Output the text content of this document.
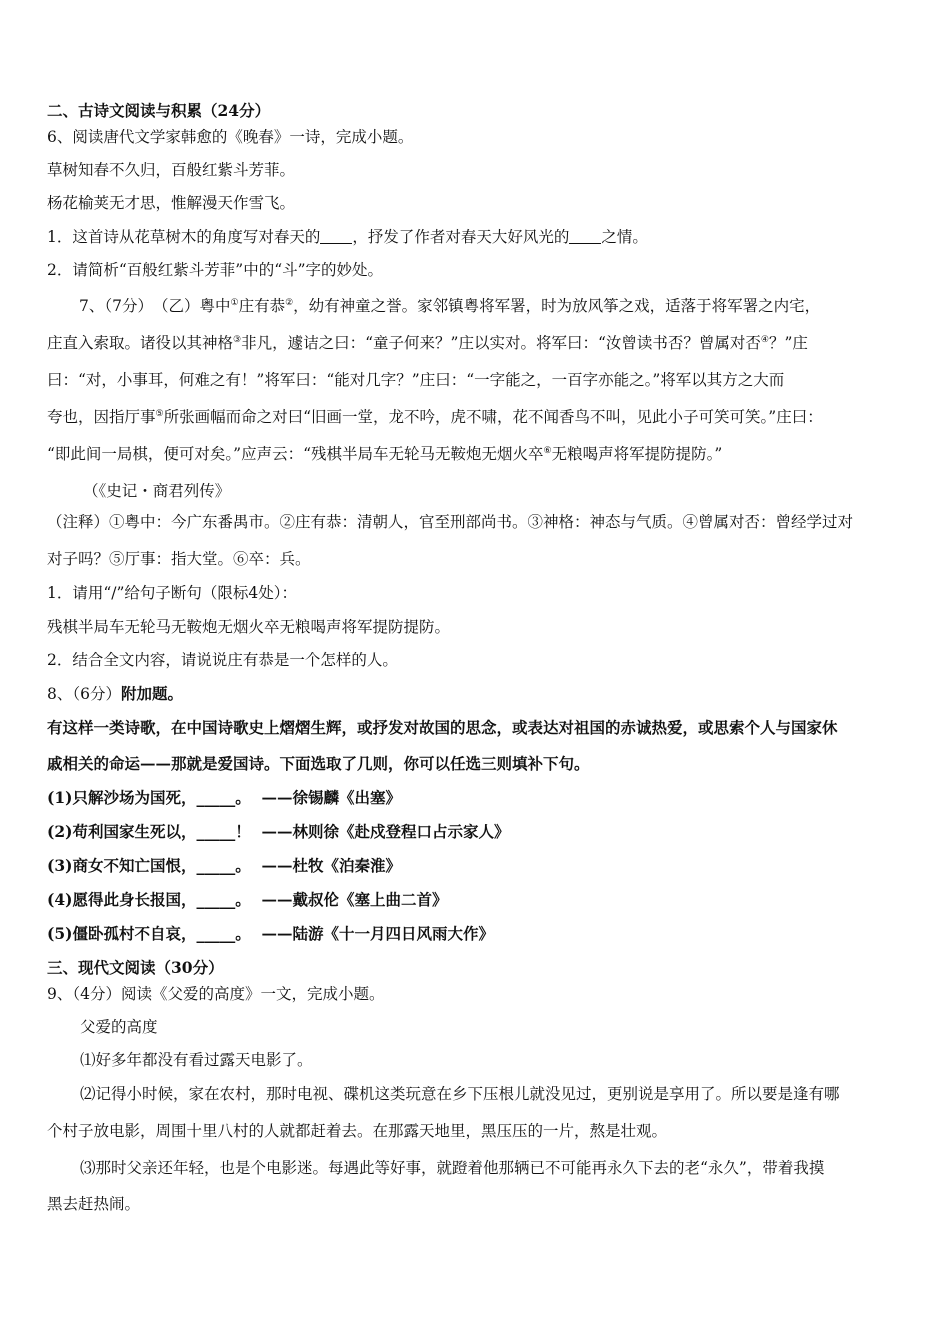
二、古诗文阅读与积累（24分）
6、阅读唐代文学家韩愈的《晚春》一诗，完成小题。
草树知春不久归，百般红紫斗芳菲。
杨花榆荚无才思，惟解漫天作雪飞。
1．这首诗从花草树木的角度写对春天的 ，抒发了作者对春天大好风光的 之情。
2．请简析“百般红紫斗芳菲”中的“斗”字的妙处。
7、（7分）　（乙）粤中①庄有恭②，幼有神童之誉。家邻镇粤将军署，时为放风筝之戏，适落于将军署之内宅，
庄直入索取。诸役以其神格③非凡，遽诘之曰：“童子何来？”庄以实对。将军曰：“汝曾读书否？曾属对否④？”庄
曰：“对，小事耳，何难之有！”将军曰：“能对几字？”庄曰：“一字能之，一百字亦能之。”将军以其方之大而
夸也，因指厅事⑤所张画幅而命之对曰“旧画一堂，龙不吟，虎不啸，花不闻香鸟不叫，见此小子可笑可笑。”庄曰：
“即此间一局棋，便可对矣。”应声云：“残棋半局车无轮马无鞍炮无烟火卒⑥无粮喝声将军提防提防。”
（《史记・商君列传》
（注释）①粤中：今广东番禺市。②庄有恭：清朝人，官至刑部尚书。③神格：神态与气质。④曾属对否：曾经学过对
对子吗？⑤厅事：指大堂。⑥卒：兵。
1．请用“/”给句子断句（限标4处）：
残棋半局车无轮马无鞍炮无烟火卒无粮喝声将军提防提防。
2．结合全文内容，请说说庄有恭是一个怎样的人。
8、（6分）附加题。
有这样一类诗歌，在中国诗歌史上熠熠生辉，或抒发对故国的思念，或表达对祖国的赤诚热爱，或思索个人与国家休
戚相关的命运——那就是爱国诗。下面选取了几则，你可以任选三则填补下句。
(1)只解沙场为国死，_____。 ——徐锡麟《出塞》
(2)苟利国家生死以，_____！ ——林则徐《赴戍登程口占示家人》
(3)商女不知亡国恨，_____。 ——杜牧《泊秦淮》
(4)愿得此身长报国，_____。 ——戴叔伦《塞上曲二首》
(5)僵卧孤村不自哀，_____。 ——陆游《十一月四日风雨大作》
三、现代文阅读（30分）
9、（4分）阅读《父爱的高度》一文，完成小题。
父爱的高度
⑴好多年都没有看过露天电影了。
⑵记得小时候，家在农村，那时电视、碟机这类玩意在乡下压根儿就没见过，更别说是享用了。所以要是逢有哪
个村子放电影，周围十里八村的人就都赶着去。在那露天地里，黑压压的一片，熬是壮观。
⑶那时父亲还年轻，也是个电影迷。每遇此等好事，就蹬着他那辆已不可能再永久下去的老“永久”，带着我摸
黑去赶热闹。
